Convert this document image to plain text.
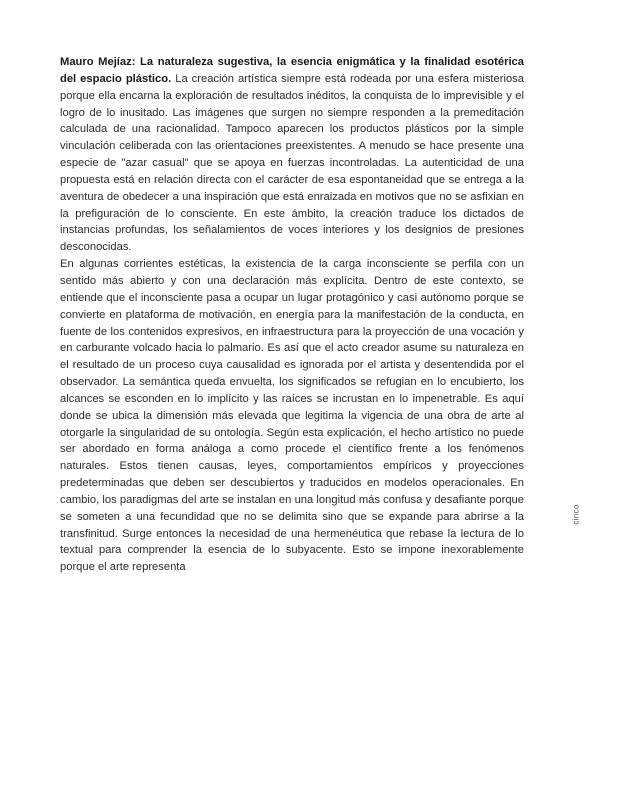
Mauro Mejíaz: La naturaleza sugestiva, la esencia enigmática y la finalidad esotérica del espacio plástico. La creación artística siempre está rodeada por una esfera misteriosa porque ella encarna la exploración de resultados inéditos, la conquista de lo imprevisible y el logro de lo inusitado. Las imágenes que surgen no siempre responden a la premeditación calculada de una racionalidad. Tampoco aparecen los productos plásticos por la simple vinculación celiberada con las orientaciones preexistentes. A menudo se hace presente una especie de "azar casual" que se apoya en fuerzas incontroladas. La autenticidad de una propuesta está en relación directa con el carácter de esa espontaneidad que se entrega a la aventura de obedecer a una inspiración que está enraizada en motivos que no se asfixian en la prefiguración de lo consciente. En este ámbito, la creación traduce los dictados de instancias profundas, los señalamientos de voces interiores y los designios de presiones desconocidas.

En algunas corrientes estéticas, la existencia de la carga inconsciente se perfila con un sentido más abierto y con una declaración más explícita. Dentro de este contexto, se entiende que el inconsciente pasa a ocupar un lugar protagónico y casi autónomo porque se convierte en plataforma de motivación, en energía para la manifestación de la conducta, en fuente de los contenidos expresivos, en infraestructura para la proyección de una vocación y en carburante volcado hacia lo palmario. Es así que el acto creador asume su naturaleza en el resultado de un proceso cuya causalidad es ignorada por el artista y desentendida por el observador. La semántica queda envuelta, los significados se refugian en lo encubierto, los alcances se esconden en lo implícito y las raíces se incrustan en lo impenetrable. Es aquí donde se ubica la dimensión más elevada que legitima la vigencia de una obra de arte al otorgarle la singularidad de su ontología. Según esta explicación, el hecho artístico no puede ser abordado en forma análoga a como procede el científico frente a los fenómenos naturales. Estos tienen causas, leyes, comportamientos empíricos y proyecciones predeterminadas que deben ser descubiertos y traducidos en modelos operacionales. En cambio, los paradigmas del arte se instalan en una longitud más confusa y desafiante porque se someten a una fecundidad que no se delimita sino que se expande para abrirse a la transfinitud. Surge entonces la necesidad de una hermenéutica que rebase la lectura de lo textual para comprender la esencia de lo subyacente. Esto se impone inexorablemente porque el arte representa

cinco
